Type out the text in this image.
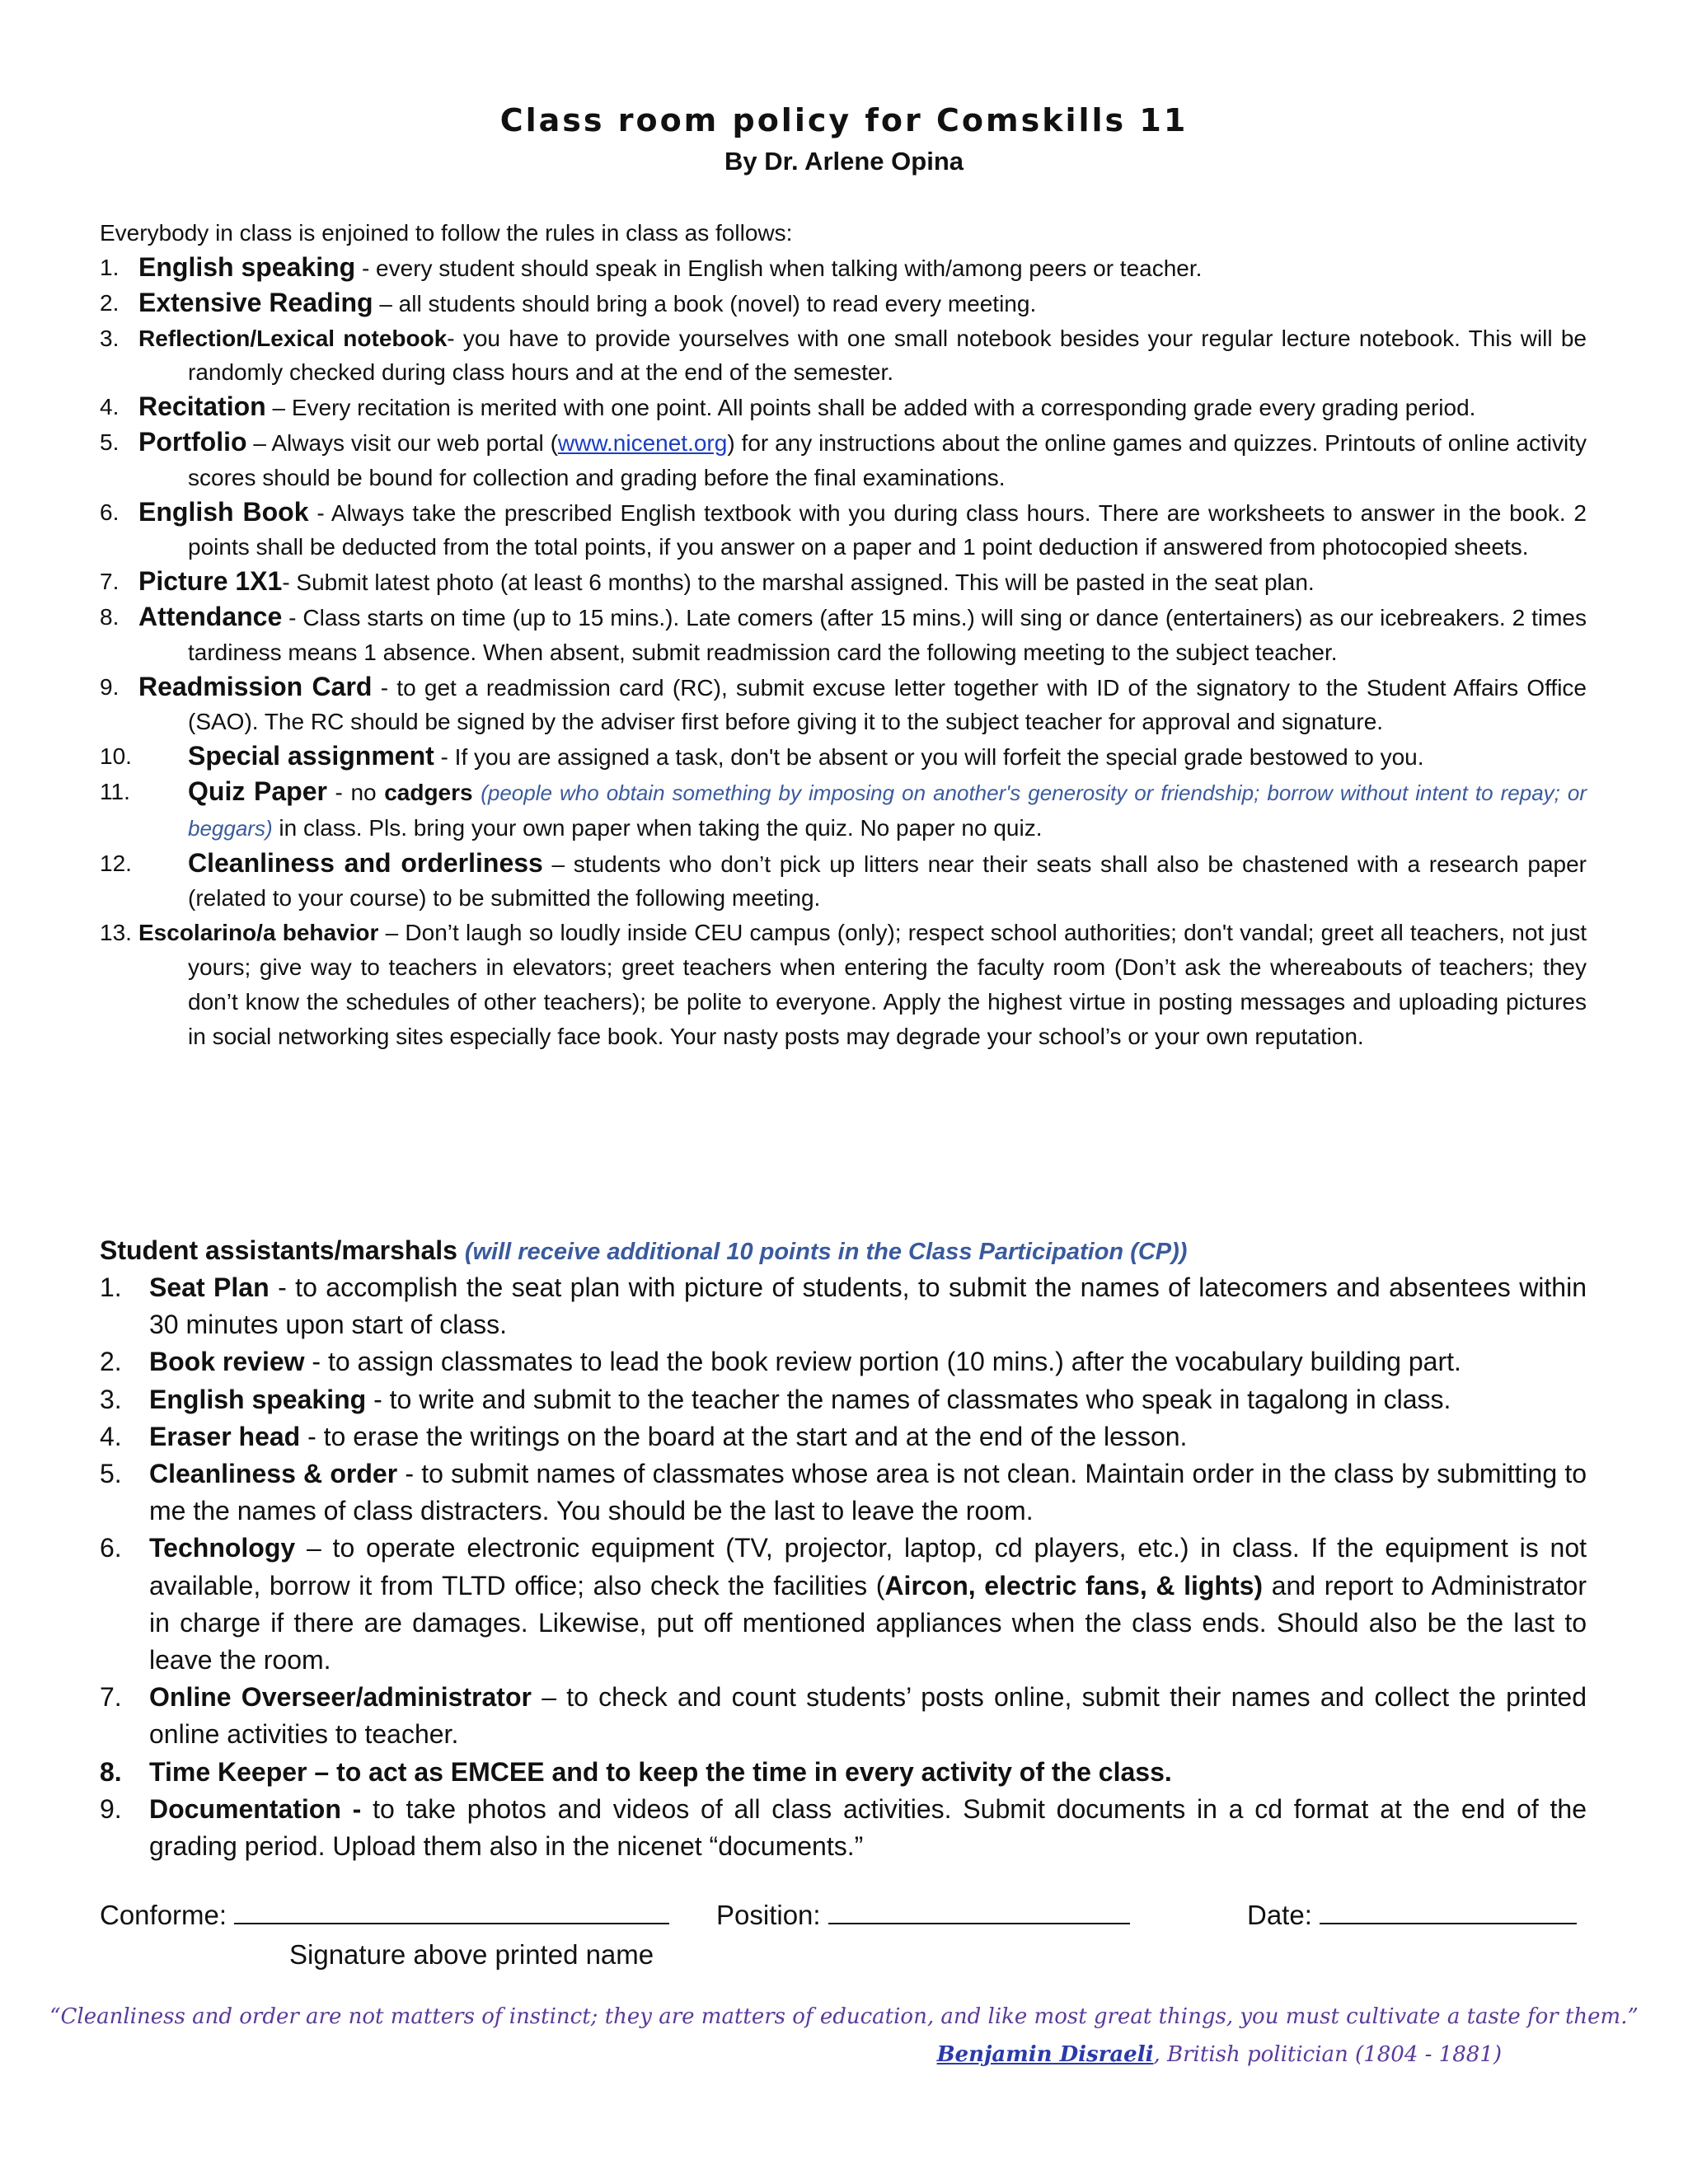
Class room policy for Comskills 11
By Dr. Arlene Opina
Everybody in class is enjoined to follow the rules in class as follows:
1. English speaking - every student should speak in English when talking with/among peers or teacher.
2. Extensive Reading – all students should bring a book (novel) to read every meeting.
3. Reflection/Lexical notebook- you have to provide yourselves with one small notebook besides your regular lecture notebook. This will be randomly checked during class hours and at the end of the semester.
4. Recitation – Every recitation is merited with one point. All points shall be added with a corresponding grade every grading period.
5. Portfolio – Always visit our web portal (www.nicenet.org) for any instructions about the online games and quizzes. Printouts of online activity scores should be bound for collection and grading before the final examinations.
6. English Book - Always take the prescribed English textbook with you during class hours. There are worksheets to answer in the book. 2 points shall be deducted from the total points, if you answer on a paper and 1 point deduction if answered from photocopied sheets.
7. Picture 1X1- Submit latest photo (at least 6 months) to the marshal assigned. This will be pasted in the seat plan.
8. Attendance - Class starts on time (up to 15 mins.). Late comers (after 15 mins.) will sing or dance (entertainers) as our icebreakers. 2 times tardiness means 1 absence. When absent, submit readmission card the following meeting to the subject teacher.
9. Readmission Card - to get a readmission card (RC), submit excuse letter together with ID of the signatory to the Student Affairs Office (SAO). The RC should be signed by the adviser first before giving it to the subject teacher for approval and signature.
10. Special assignment - If you are assigned a task, don't be absent or you will forfeit the special grade bestowed to you.
11. Quiz Paper - no cadgers (people who obtain something by imposing on another's generosity or friendship; borrow without intent to repay; or beggars) in class. Pls. bring your own paper when taking the quiz. No paper no quiz.
12. Cleanliness and orderliness – students who don’t pick up litters near their seats shall also be chastened with a research paper (related to your course) to be submitted the following meeting.
13. Escolarino/a behavior – Don’t laugh so loudly inside CEU campus (only); respect school authorities; don't vandal; greet all teachers, not just yours; give way to teachers in elevators; greet teachers when entering the faculty room (Don’t ask the whereabouts of teachers; they don’t know the schedules of other teachers); be polite to everyone. Apply the highest virtue in posting messages and uploading pictures in social networking sites especially face book. Your nasty posts may degrade your school’s or your own reputation.
Student assistants/marshals (will receive additional 10 points in the Class Participation (CP))
1. Seat Plan - to accomplish the seat plan with picture of students, to submit the names of latecomers and absentees within 30 minutes upon start of class.
2. Book review - to assign classmates to lead the book review portion (10 mins.) after the vocabulary building part.
3. English speaking - to write and submit to the teacher the names of classmates who speak in tagalong in class.
4. Eraser head - to erase the writings on the board at the start and at the end of the lesson.
5. Cleanliness & order - to submit names of classmates whose area is not clean. Maintain order in the class by submitting to me the names of class distracters. You should be the last to leave the room.
6. Technology – to operate electronic equipment (TV, projector, laptop, cd players, etc.) in class. If the equipment is not available, borrow it from TLTD office; also check the facilities (Aircon, electric fans, & lights) and report to Administrator in charge if there are damages. Likewise, put off mentioned appliances when the class ends. Should also be the last to leave the room.
7. Online Overseer/administrator – to check and count students’ posts online, submit their names and collect the printed online activities to teacher.
8. Time Keeper – to act as EMCEE and to keep the time in every activity of the class.
9. Documentation - to take photos and videos of all class activities. Submit documents in a cd format at the end of the grading period. Upload them also in the nicenet “documents.”
Conforme:	Position:	Date:
Signature above printed name
“Cleanliness and order are not matters of instinct; they are matters of education, and like most great things, you must cultivate a taste for them.”
Benjamin Disraeli, British politician (1804 - 1881)
